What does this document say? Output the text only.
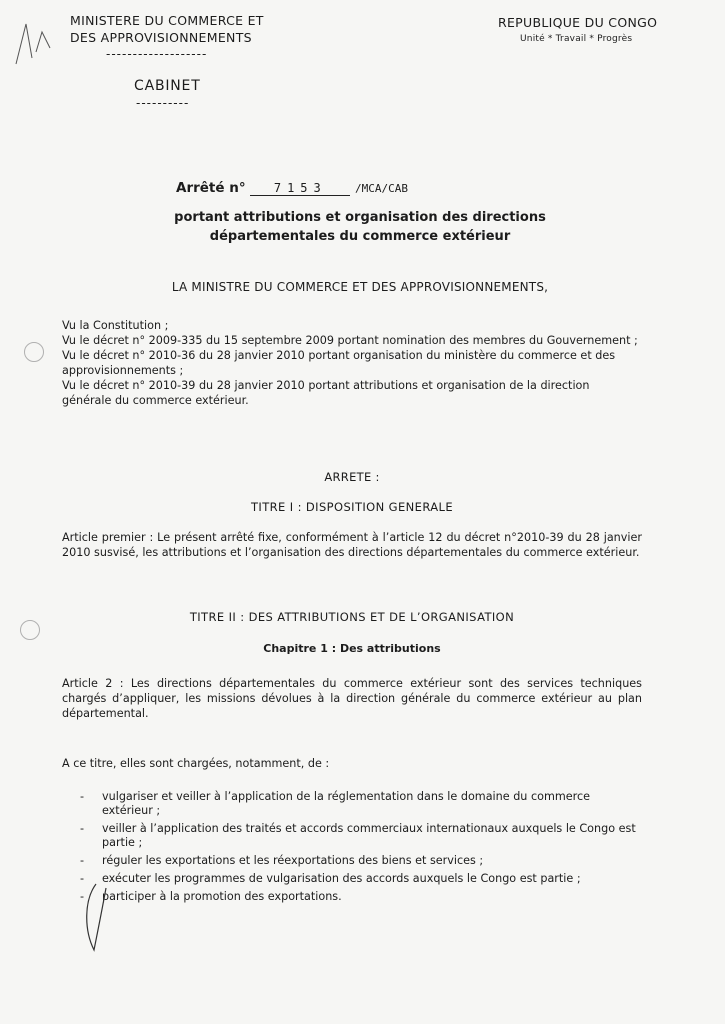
MINISTERE DU COMMERCE ET
DES APPROVISIONNEMENTS
-------------------
CABINET
----------
REPUBLIQUE DU CONGO
Unité * Travail * Progrès
Arrêté n° 7153	/MCA/CAB
portant attributions et organisation des directions
départementales du commerce extérieur
LA MINISTRE DU COMMERCE ET DES APPROVISIONNEMENTS,
Vu la Constitution ;
Vu le décret n° 2009-335 du 15 septembre 2009 portant nomination des membres du Gouvernement ;
Vu le décret n° 2010-36 du 28 janvier 2010 portant organisation du ministère du commerce et des approvisionnements ;
Vu le décret n° 2010-39 du 28 janvier 2010 portant attributions et organisation de la direction générale du commerce extérieur.
ARRETE :
TITRE I : DISPOSITION GENERALE
Article premier : Le présent arrêté fixe, conformément à l’article 12 du décret n°2010-39 du 28 janvier 2010 susvisé, les attributions et l’organisation des directions départementales du commerce extérieur.
TITRE II : DES ATTRIBUTIONS ET DE L’ORGANISATION
Chapitre 1 : Des attributions
Article 2 : Les directions départementales du commerce extérieur sont des services techniques chargés d’appliquer, les missions dévolues à la direction générale du commerce extérieur au plan départemental.
A ce titre, elles sont chargées, notamment, de :
- vulgariser et veiller à l’application de la réglementation dans le domaine du commerce extérieur ;
- veiller à l’application des traités et accords commerciaux internationaux auxquels le Congo est partie ;
- réguler les exportations et les réexportations des biens et services ;
- exécuter les programmes de vulgarisation des accords auxquels le Congo est partie ;
- participer à la promotion des exportations.
